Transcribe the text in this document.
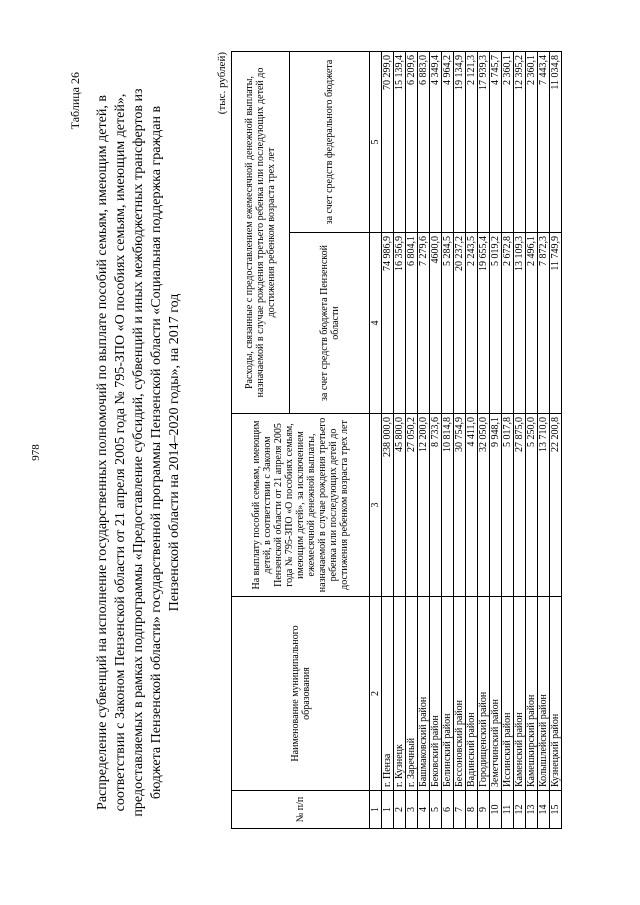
978
Таблица 26 Распределение субвенций на исполнение государственных полномочий по выплате пособий семьям, имеющим детей, в соответствии с Законом Пензенской области от 21 апреля 2005 года № 795-ЗПО «О пособиях семьям, имеющим детей», предоставляемых в рамках подпрограммы «Предоставление субсидий, субвенций и иных межбюджетных трансфертов из бюджета Пензенской области» государственной программы Пензенской области «Социальная поддержка граждан в Пензенской области на 2014–2020 годы», на 2017 год
(тыс. рублей)
№ п/п	Наименование муниципального образования	На выплату пособий семьям, имеющим детей, в соответствии с Законом Пензенской области от 21 апреля 2005 года № 795-ЗПО «О пособиях семьям, имеющим детей», за исключением ежемесячной денежной выплаты, назначаемой в случае рождения третьего ребенка или последующих детей до достижения ребенком возраста трех лет	Расходы, связанные с предоставлением ежемесячной денежной выплаты, назначаемой в случае рождения третьего ребенка или последующих детей до достижения ребенком возраста трех лет	
			за счет средств бюджета Пензенской области	за счет средств федерального бюджета
1	2	3	4	5
1	г. Пенза	238 000,0	74 986,9	70 299,0
2	г. Кузнецк	45 800,0	16 356,9	15 139,4
3	г. Заречный	27 050,2	6 804,1	6 209,6
4	Башмаковский район	12 200,0	7 279,6	6 883,0
5	Бековский район	8 733,6	4600,0	4 349,4
6	Белинский район	10 814,8	5 284,5	4 964,2
7	Бессоновский район	30 754,9	20 237,2	19 134,9
8	Вадинский район	4 411,0	2 243,5	2 121,3
9	Городищенский район	32 050,0	19 655,4	17 939,3
10	Земетчинский район	9 948,1	5 019,2	4 745,7
11	Иссинский район	5 017,8	2 672,8	2 360,1
12	Каменский район	27 875,0	13 109,3	12 395,2
13	Камешкирский район	5 250,0	2 496,1	2 360,1
14	Колышлейский район	13 710,0	7 872,3	7 443,4
15	Кузнецкий район	22 200,8	11 749,9	11 034,8
